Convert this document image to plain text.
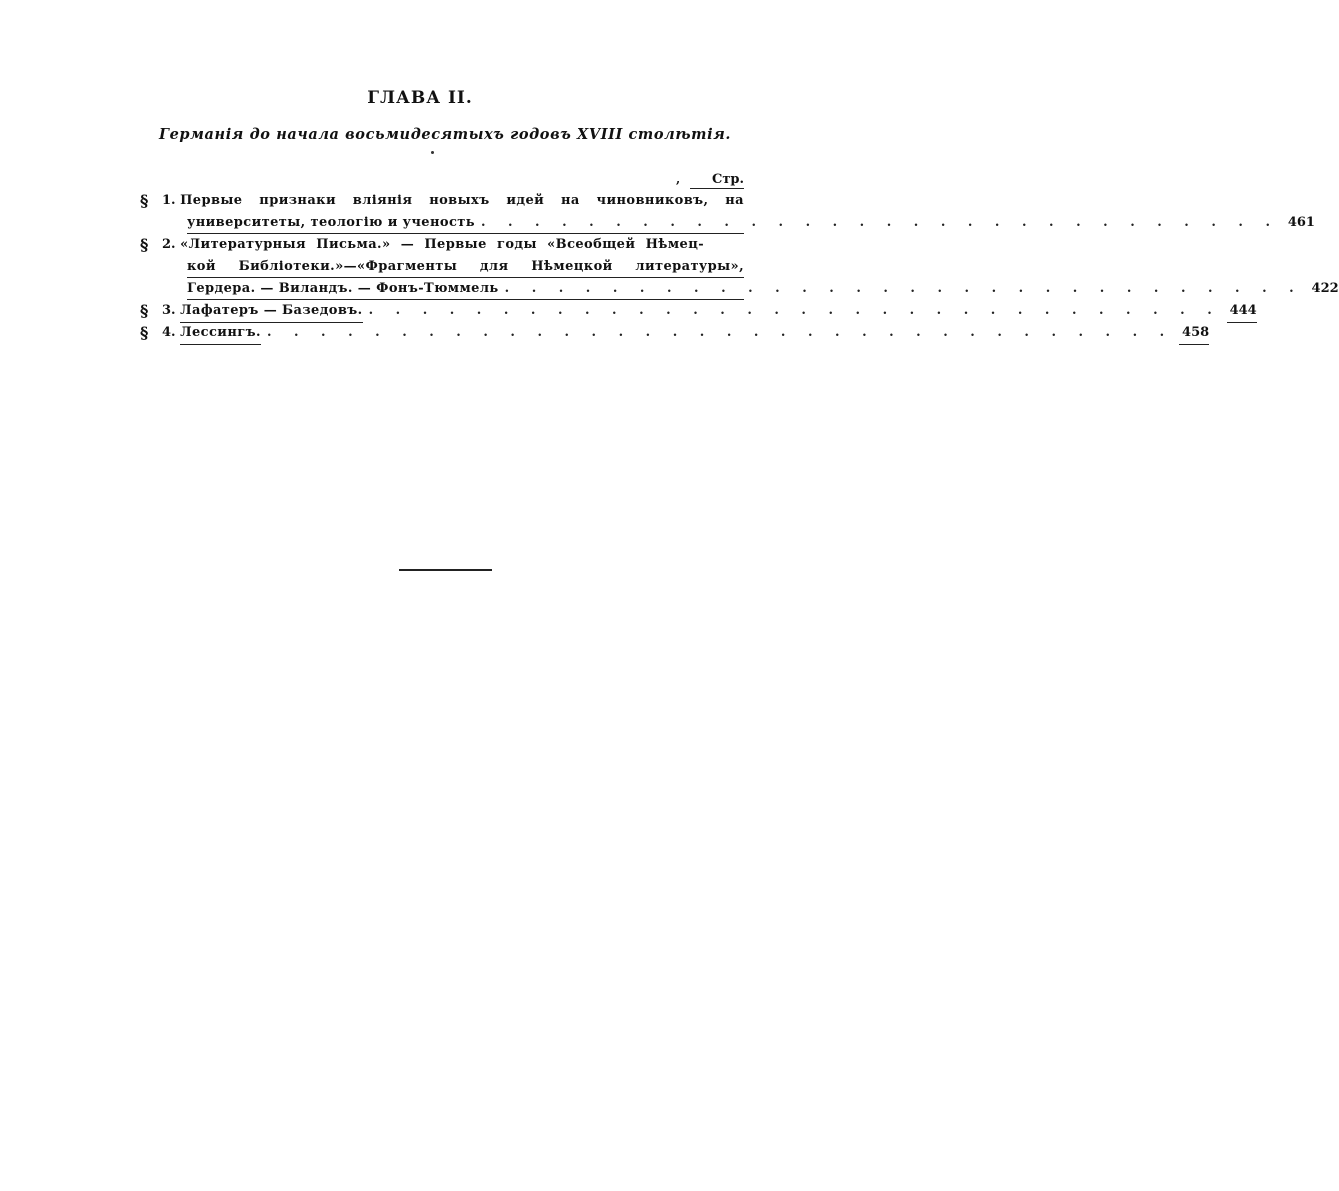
ГЛАВА II.
Германія до начала восьмидесятыхъ годовъ XVIII столѣтія.
,	Стр.
§ 1.
Первые признаки вліянія новыхъ идей на чиновниковъ, на
университеты, теологію и ученость . . . . . . . . . . . . . . . . . . . . . . . . . . . . . . 461
§ 2.
«Литературныя Письма.» — Первые годы «Всеобщей Нѣмец-
кой Библіотеки.»—«Фрагменты для Нѣмецкой литературы»,
Гердера. — Виландъ. — Фонъ-Тюммель . . . . . . . . . . . . . . . . . . . . . . . . . . . . . . 422
§ 3.
Лафатеръ — Базедовъ. . . . . . . . . . . . . . . . . . . . . . . . . . . . . . . . . 444
§ 4.
Лессингъ. . . . . . . . . . . . . . . . . . . . . . . . . . . . . . . . . . . 458
